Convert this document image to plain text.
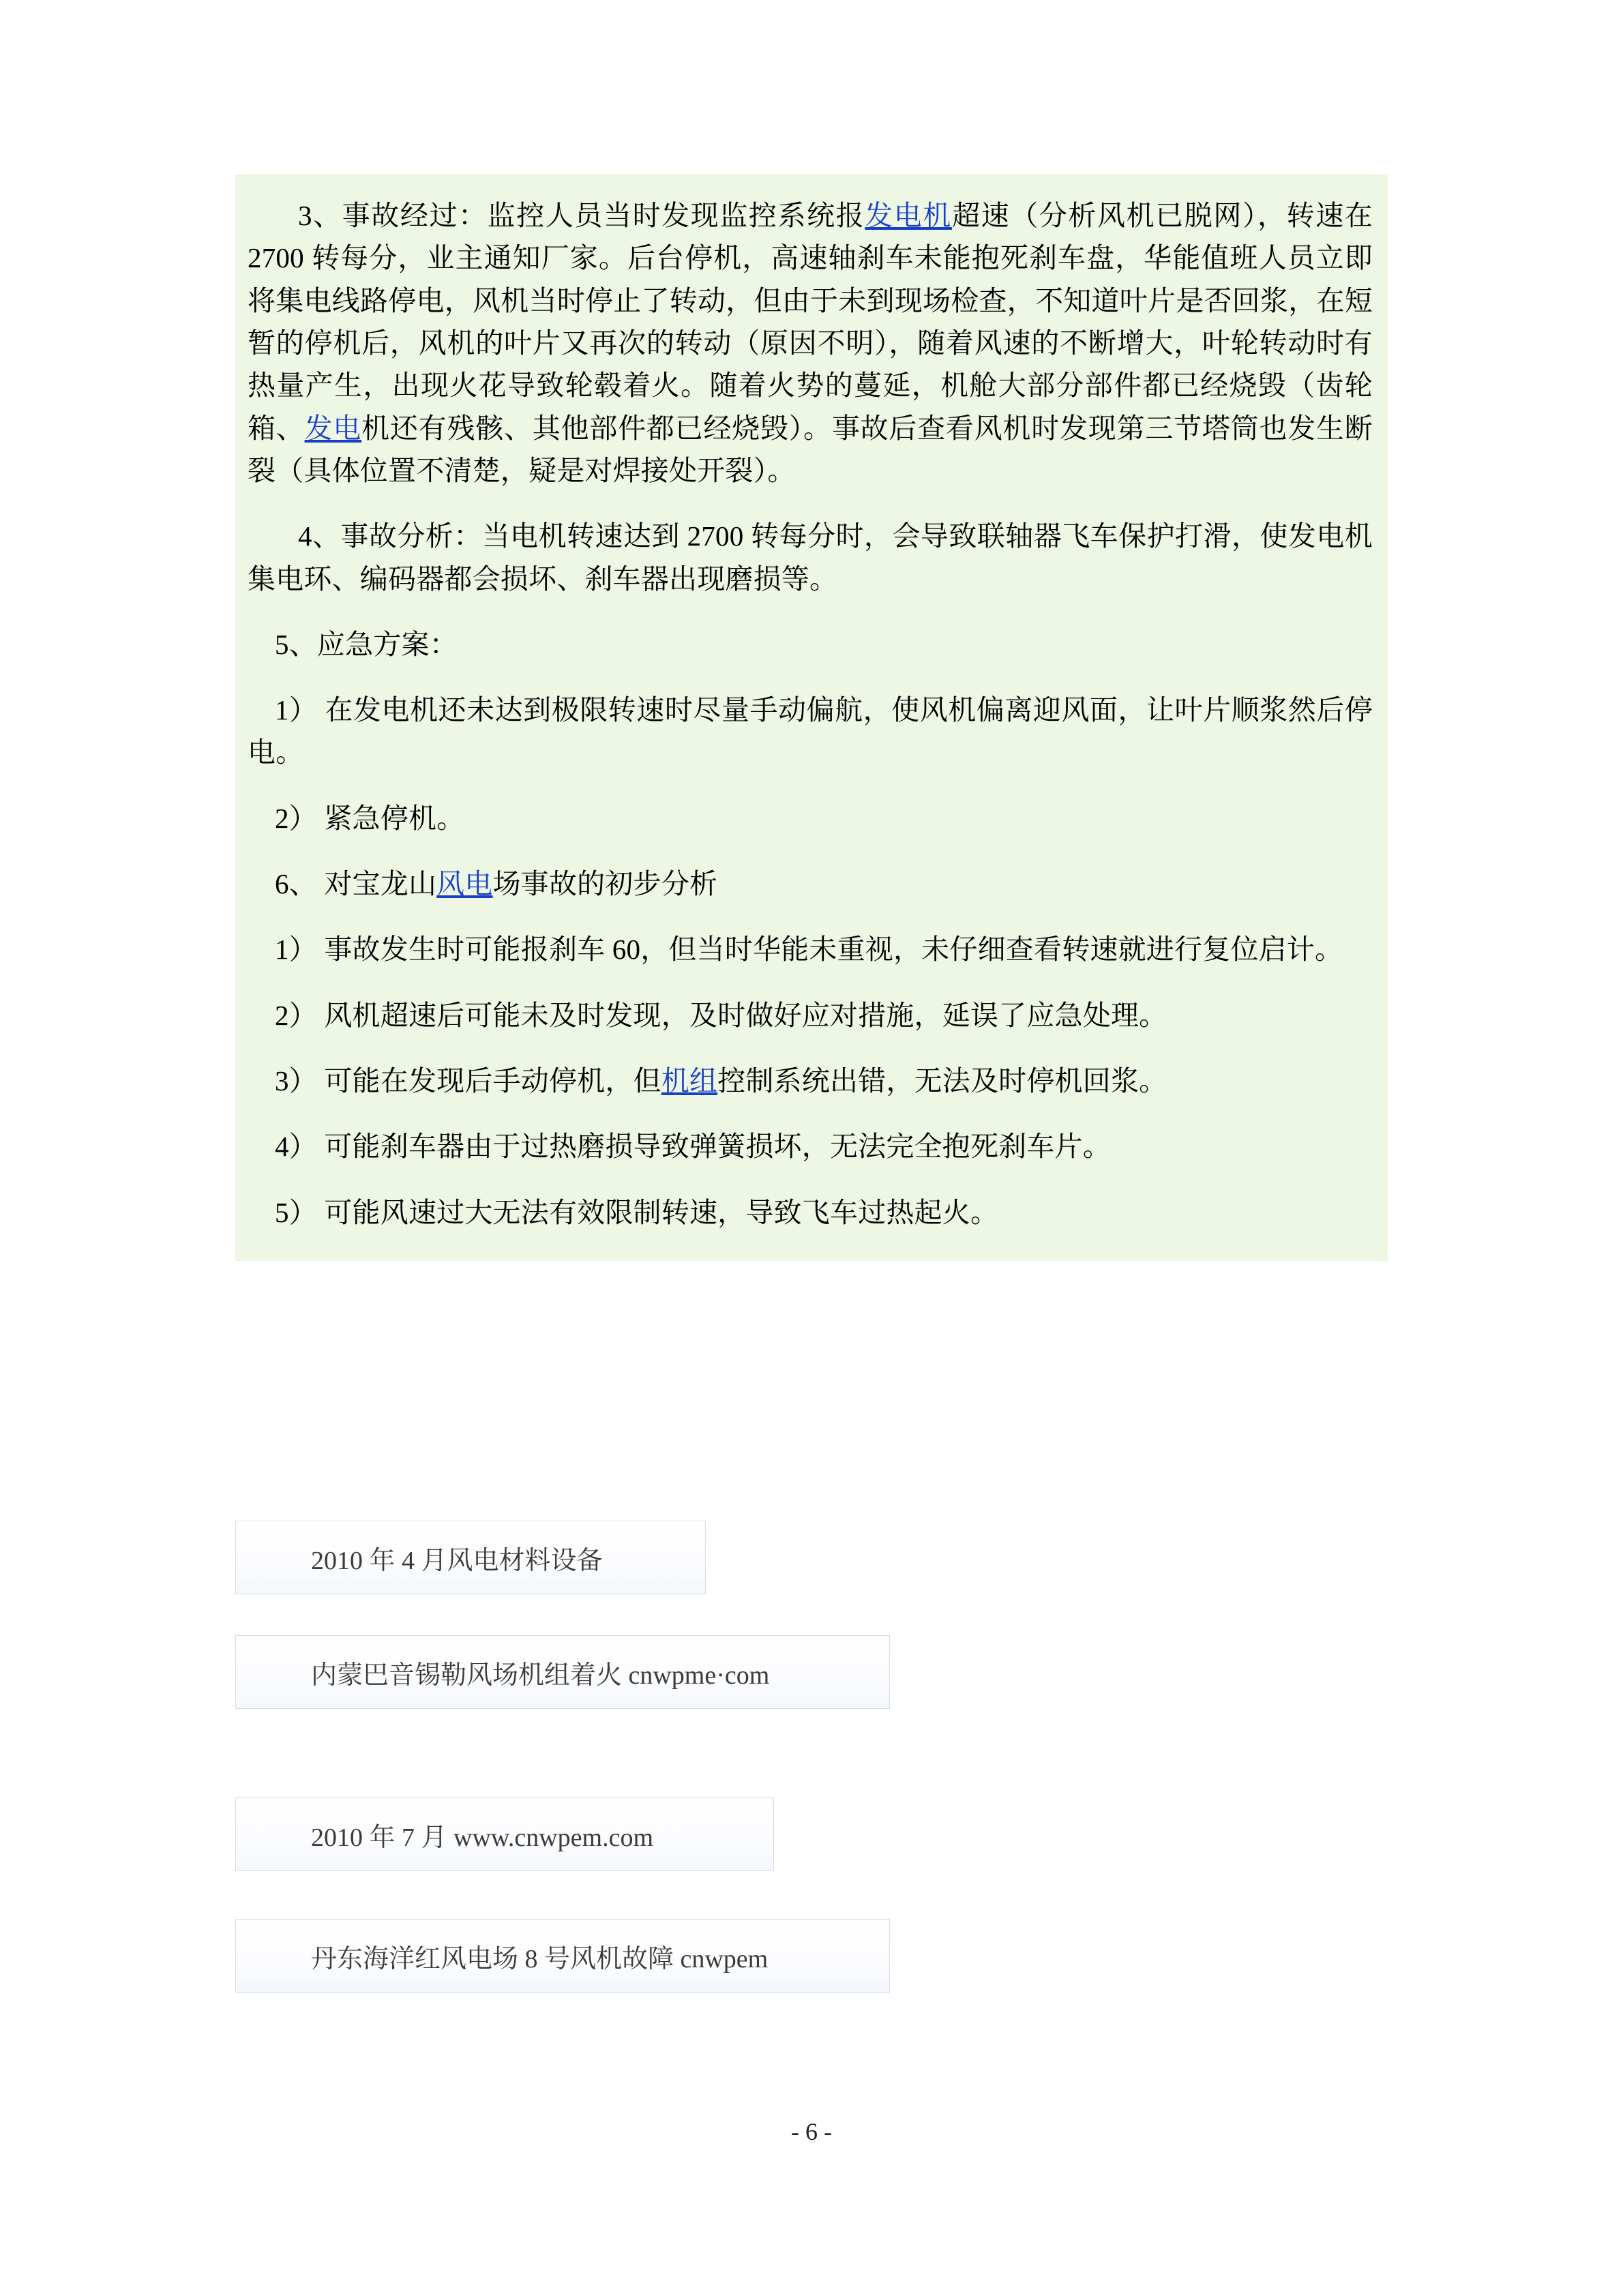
3、事故经过：监控人员当时发现监控系统报发电机超速（分析风机已脱网），转速在 2700 转每分，业主通知厂家。后台停机，高速轴刹车未能抱死刹车盘，华能值班人员立即将集电线路停电，风机当时停止了转动，但由于未到现场检查，不知道叶片是否回浆，在短暂的停机后，风机的叶片又再次的转动（原因不明），随着风速的不断增大，叶轮转动时有热量产生，出现火花导致轮毂着火。随着火势的蔓延，机舱大部分部件都已经烧毁（齿轮箱、发电机还有残骸、其他部件都已经烧毁）。事故后查看风机时发现第三节塔筒也发生断裂（具体位置不清楚，疑是对焊接处开裂）。

4、事故分析：当电机转速达到 2700 转每分时，会导致联轴器飞车保护打滑，使发电机集电环、编码器都会损坏、刹车器出现磨损等。

5、应急方案：

1） 在发电机还未达到极限转速时尽量手动偏航，使风机偏离迎风面，让叶片顺浆然后停电。

2） 紧急停机。

6、 对宝龙山风电场事故的初步分析

1） 事故发生时可能报刹车 60，但当时华能未重视，未仔细查看转速就进行复位启计。

2） 风机超速后可能未及时发现，及时做好应对措施，延误了应急处理。

3） 可能在发现后手动停机，但机组控制系统出错，无法及时停机回浆。

4） 可能刹车器由于过热磨损导致弹簧损坏，无法完全抱死刹车片。

5） 可能风速过大无法有效限制转速，导致飞车过热起火。

2010 年 4 月风电材料设备
内蒙巴音锡勒风场机组着火 cnwpme·com
2010 年 7 月 www.cnwpem.com
丹东海洋红风电场 8 号风机故障 cnwpem
- 6 -
